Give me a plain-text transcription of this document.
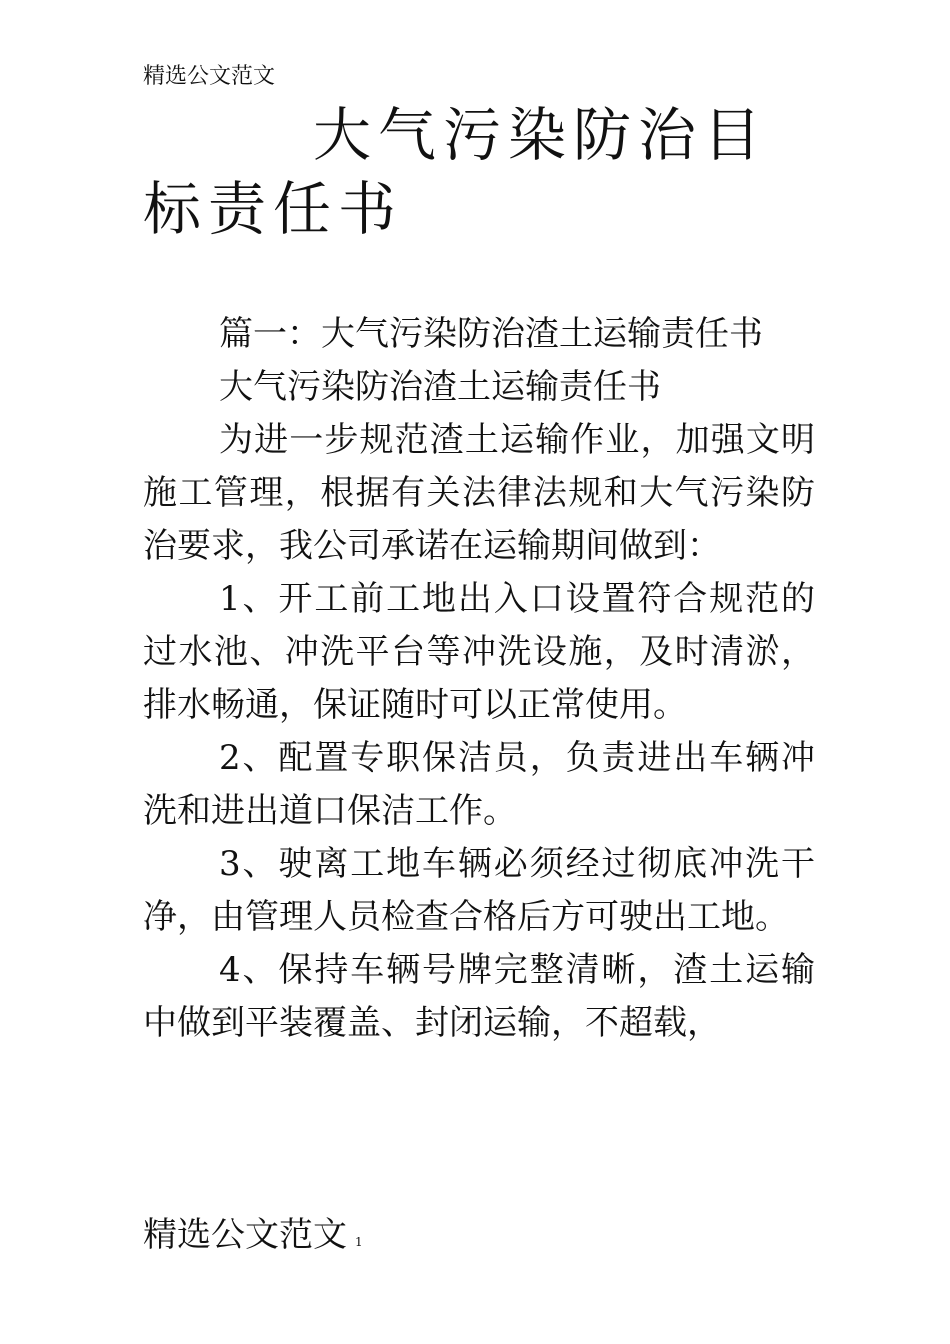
精选公文范文
大气污染防治目标责任书

篇一：大气污染防治渣土运输责任书

大气污染防治渣土运输责任书

为进一步规范渣土运输作业，加强文明施工管理，根据有关法律法规和大气污染防治要求，我公司承诺在运输期间做到：

1、开工前工地出入口设置符合规范的过水池、冲洗平台等冲洗设施，及时清淤，排水畅通，保证随时可以正常使用。

2、配置专职保洁员，负责进出车辆冲洗和进出道口保洁工作。

3、驶离工地车辆必须经过彻底冲洗干净，由管理人员检查合格后方可驶出工地。

4、保持车辆号牌完整清晰，渣土运输中做到平装覆盖、封闭运输，不超载，

精选公文范文 1
